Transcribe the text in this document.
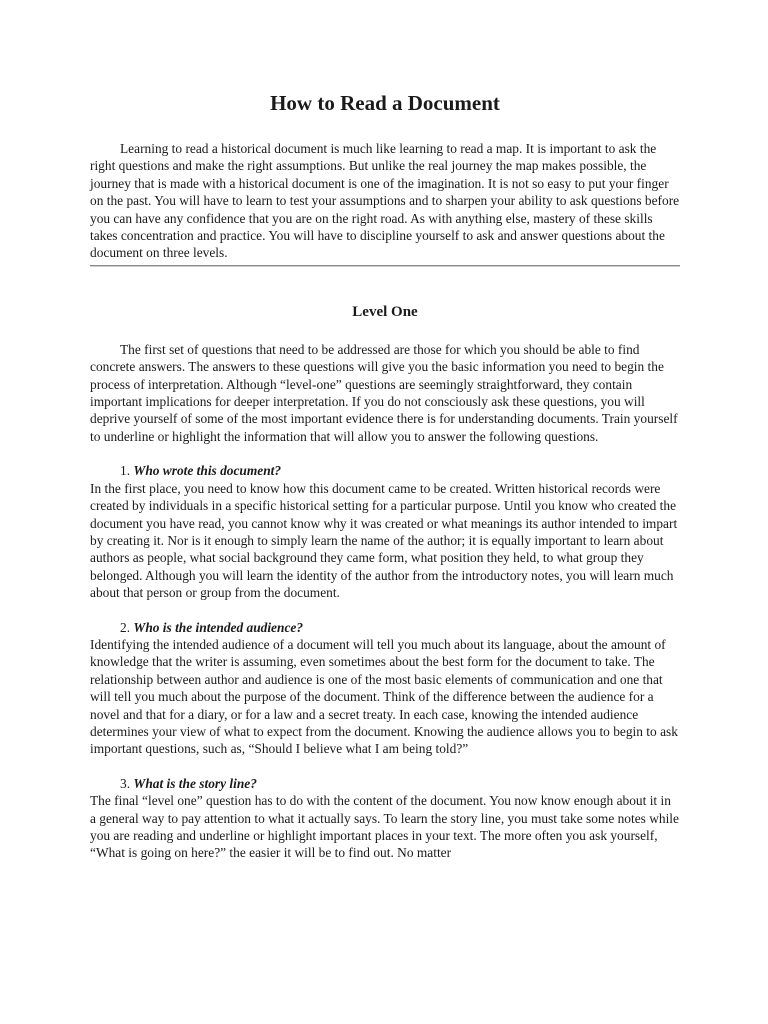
How to Read a Document

Learning to read a historical document is much like learning to read a map. It is important to ask the right questions and make the right assumptions. But unlike the real journey the map makes possible, the journey that is made with a historical document is one of the imagination. It is not so easy to put your finger on the past. You will have to learn to test your assumptions and to sharpen your ability to ask questions before you can have any confidence that you are on the right road. As with anything else, mastery of these skills takes concentration and practice. You will have to discipline yourself to ask and answer questions about the document on three levels.

Level One

The first set of questions that need to be addressed are those for which you should be able to find concrete answers. The answers to these questions will give you the basic information you need to begin the process of interpretation. Although “level-one” questions are seemingly straightforward, they contain important implications for deeper interpretation. If you do not consciously ask these questions, you will deprive yourself of some of the most important evidence there is for understanding documents. Train yourself to underline or highlight the information that will allow you to answer the following questions.

1. Who wrote this document?

In the first place, you need to know how this document came to be created. Written historical records were created by individuals in a specific historical setting for a particular purpose. Until you know who created the document you have read, you cannot know why it was created or what meanings its author intended to impart by creating it. Nor is it enough to simply learn the name of the author; it is equally important to learn about authors as people, what social background they came form, what position they held, to what group they belonged. Although you will learn the identity of the author from the introductory notes, you will learn much about that person or group from the document.

2. Who is the intended audience?

Identifying the intended audience of a document will tell you much about its language, about the amount of knowledge that the writer is assuming, even sometimes about the best form for the document to take. The relationship between author and audience is one of the most basic elements of communication and one that will tell you much about the purpose of the document. Think of the difference between the audience for a novel and that for a diary, or for a law and a secret treaty. In each case, knowing the intended audience determines your view of what to expect from the document. Knowing the audience allows you to begin to ask important questions, such as, “Should I believe what I am being told?”

3. What is the story line?

The final “level one” question has to do with the content of the document. You now know enough about it in a general way to pay attention to what it actually says. To learn the story line, you must take some notes while you are reading and underline or highlight important places in your text. The more often you ask yourself, “What is going on here?” the easier it will be to find out. No matter
